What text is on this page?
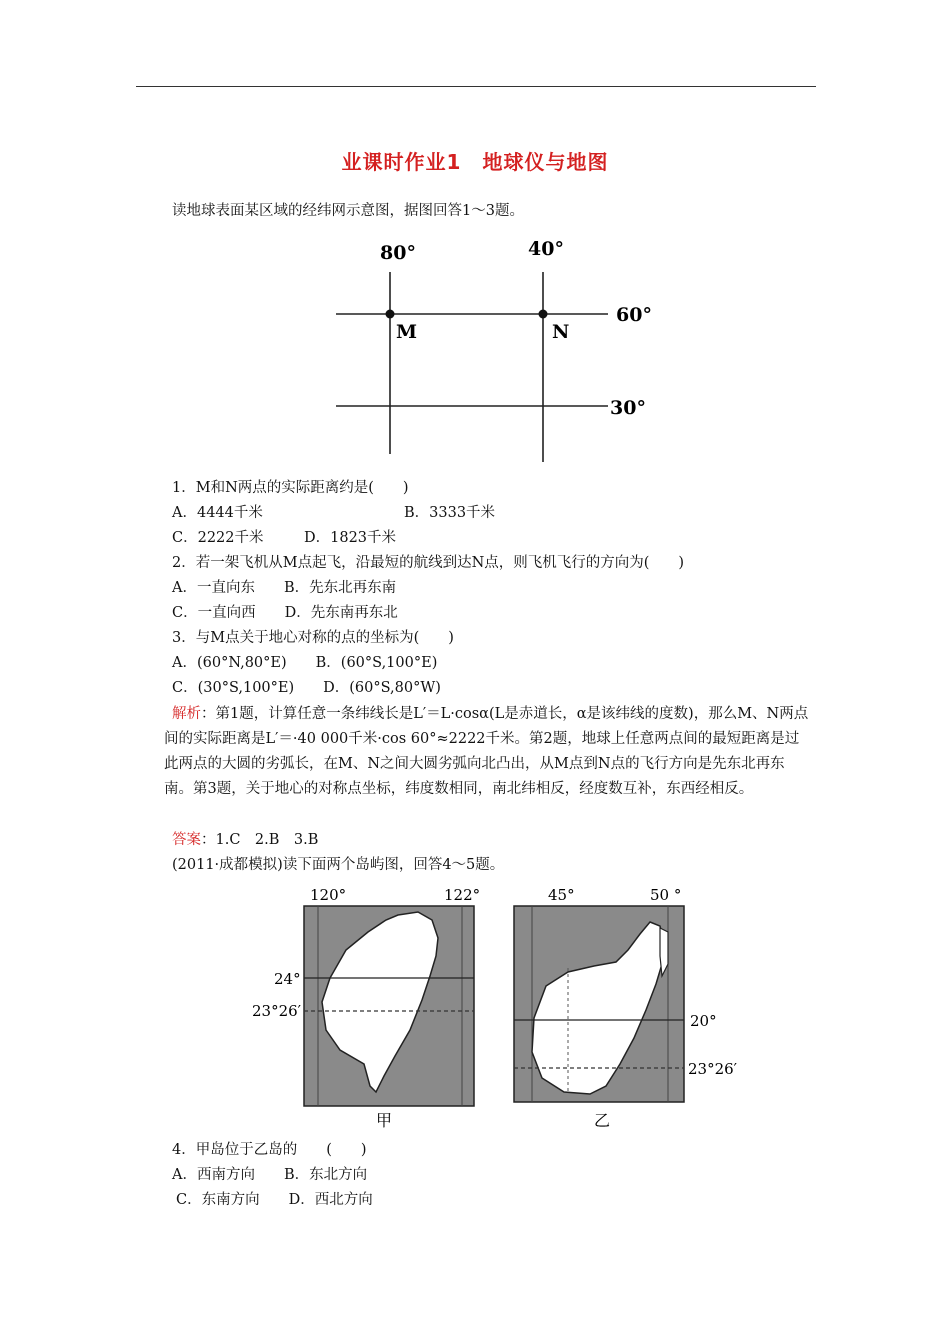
业课时作业1　地球仪与地图
读地球表面某区域的经纬网示意图，据图回答1～3题。
80°	40°
60°
30°
M	N
1．M和N两点的实际距离约是(　　)
A．4444千米	B．3333千米
C．2222千米	D．1823千米
2．若一架飞机从M点起飞，沿最短的航线到达N点，则飞机飞行的方向为(　　)
A．一直向东　　B．先东北再东南
C．一直向西　　D．先东南再东北
3．与M点关于地心对称的点的坐标为(　　)
A．(60°N,80°E)　　B．(60°S,100°E)
C．(30°S,100°E)　　D．(60°S,80°W)
解析：第1题，计算任意一条纬线长是L′＝L·cosα(L是赤道长，α是该纬线的度数)，那么M、N两点间的实际距离是L′＝·40 000千米·cos 60°≈2222千米。第2题，地球上任意两点间的最短距离是过此两点的大圆的劣弧长，在M、N之间大圆劣弧向北凸出，从M点到N点的飞行方向是先东北再东南。第3题，关于地心的对称点坐标，纬度数相同，南北纬相反，经度数互补，东西经相反。
答案：1.C　2.B　3.B
(2011·成都模拟)读下面两个岛屿图，回答4～5题。
120°	122°
24°
23°26′
甲
45°	50 °
20°
23°26′
乙
4．甲岛位于乙岛的　　(　　)
A．西南方向　　B．东北方向
C．东南方向　　D．西北方向
